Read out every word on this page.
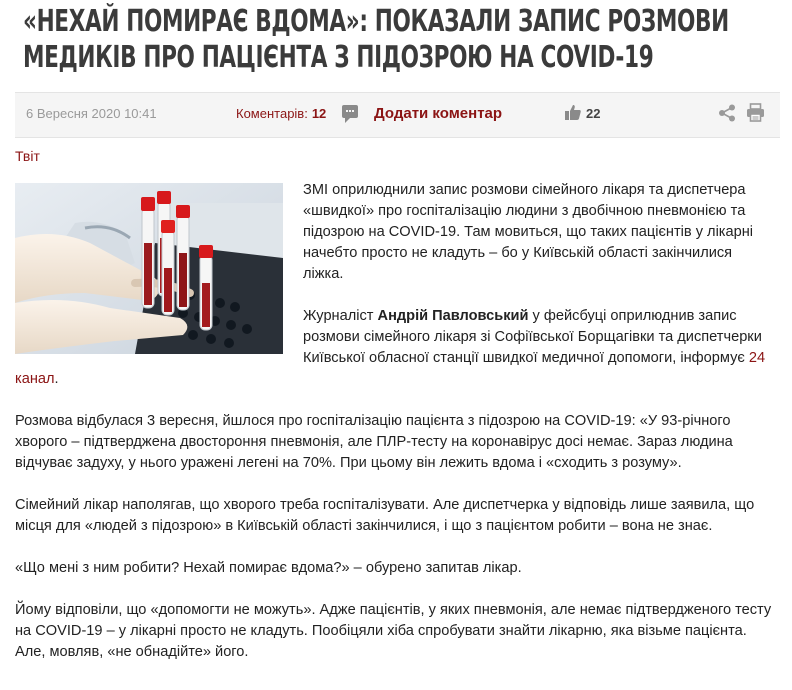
«НЕХАЙ ПОМИРАЄ ВДОМА»: ПОКАЗАЛИ ЗАПИС РОЗМОВИ МЕДИКІВ ПРО ПАЦІЄНТА З ПІДОЗРОЮ НА COVID-19
6 Вересня 2020 10:41	Коментарів: 12	Додати коментар	22
Твіт

ЗМІ оприлюднили запис розмови сімейного лікаря та диспетчера «швидкої» про госпіталізацію людини з двобічною пневмонією та підозрою на COVID-19. Там мовиться, що таких пацієнтів у лікарні начебто просто не кладуть – бо у Київській області закінчилися ліжка.

Журналіст Андрій Павловський у фейсбуці оприлюднив запис розмови сімейного лікаря зі Софіївської Борщагівки та диспетчерки Київської обласної станції швидкої медичної допомоги, інформує 24 канал.

Розмова відбулася 3 вересня, йшлося про госпіталізацію пацієнта з підозрою на COVID-19: «У 93-річного хворого – підтверджена двостороння пневмонія, але ПЛР-тесту на коронавірус досі немає. Зараз людина відчуває задуху, у нього уражені легені на 70%. При цьому він лежить вдома і «сходить з розуму».

Сімейний лікар наполягав, що хворого треба госпіталізувати. Але диспетчерка у відповідь лише заявила, що місця для «людей з підозрою» в Київській області закінчилися, і що з пацієнтом робити – вона не знає.

«Що мені з ним робити? Нехай помирає вдома?» – обурено запитав лікар.

Йому відповіли, що «допомогти не можуть». Адже пацієнтів, у яких пневмонія, але немає підтвердженого тесту на COVID-19 – у лікарні просто не кладуть. Пообіцяли хіба спробувати знайти лікарню, яка візьме пацієнта. Але, мовляв, «не обнадійте» його.
